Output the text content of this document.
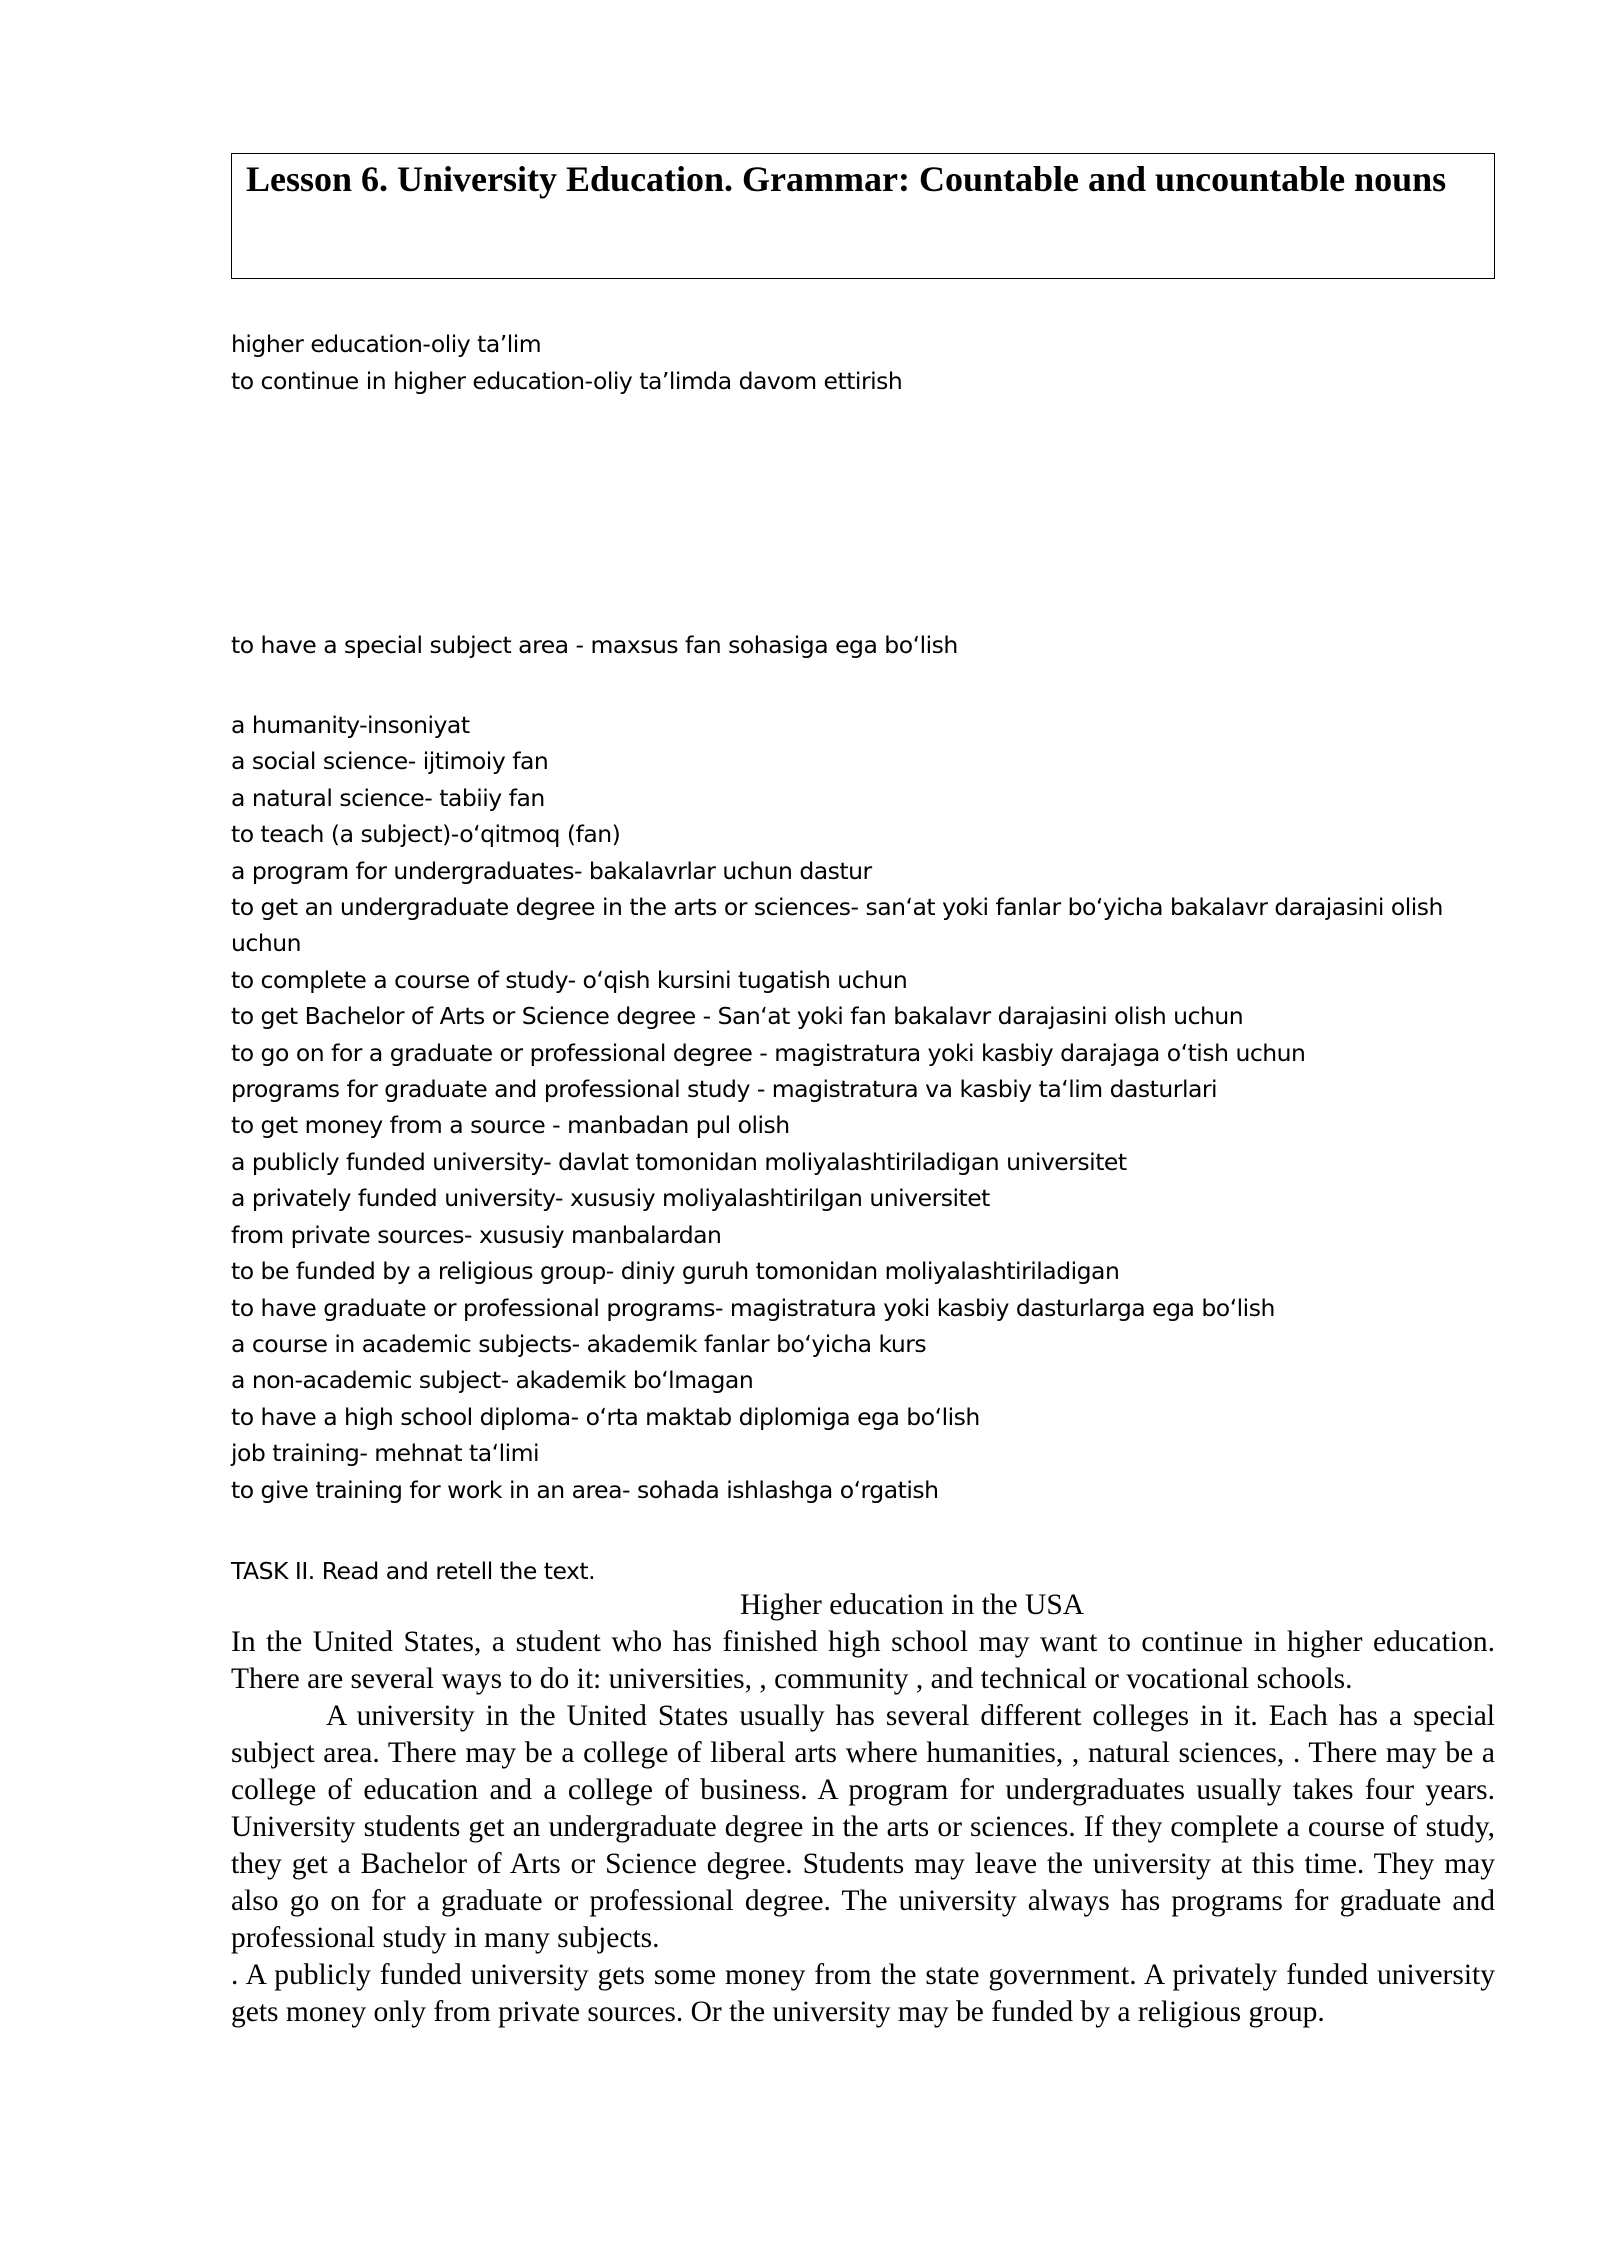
Lesson 6. University Education. Grammar: Countable and uncountable nouns
higher education-oliy ta’lim
to continue in higher education-oliy ta’limda davom ettirish
to have a special subject area - maxsus fan sohasiga ega boʻlish
a humanity-insoniyat
a social science- ijtimoiy fan
a natural science- tabiiy fan
to teach (a subject)-oʻqitmoq (fan)
a program for undergraduates- bakalavrlar uchun dastur
to get an undergraduate degree in the arts or sciences- sanʻat yoki fanlar boʻyicha bakalavr darajasini olish uchun
to complete a course of study- oʻqish kursini tugatish uchun
to get Bachelor of Arts or Science degree - Sanʻat yoki fan bakalavr darajasini olish uchun
to go on for a graduate or professional degree - magistratura yoki kasbiy darajaga oʻtish uchun
programs for graduate and professional study - magistratura va kasbiy taʻlim dasturlari
to get money from a source - manbadan pul olish
a publicly funded university- davlat tomonidan moliyalashtiriladigan universitet
a privately funded university- xususiy moliyalashtirilgan universitet
from private sources- xususiy manbalardan
to be funded by a religious group- diniy guruh tomonidan moliyalashtiriladigan
to have graduate or professional programs- magistratura yoki kasbiy dasturlarga ega boʻlish
a course in academic subjects- akademik fanlar boʻyicha kurs
a non-academic subject- akademik boʻlmagan
to have a high school diploma- oʻrta maktab diplomiga ega boʻlish
job training- mehnat taʻlimi
to give training for work in an area- sohada ishlashga oʻrgatish
TASK II. Read and retell the text.
Higher education in the USA

In the United States, a student who has finished high school may want to continue in higher education. There are several ways to do it: universities, , community , and technical or vocational schools.

A university in the United States usually has several different colleges in it. Each has a special subject area. There may be a college of liberal arts where humanities, , natural sciences, . There may be a college of education and a college of business. A program for undergraduates usually takes four years. University students get an undergraduate degree in the arts or sciences. If they complete a course of study, they get a Bachelor of Arts or Science degree. Students may leave the university at this time. They may also go on for a graduate or professional degree. The university always has programs for graduate and professional study in many subjects.

. A publicly funded university gets some money from the state government. A privately funded university gets money only from private sources. Or the university may be funded by a religious group.
